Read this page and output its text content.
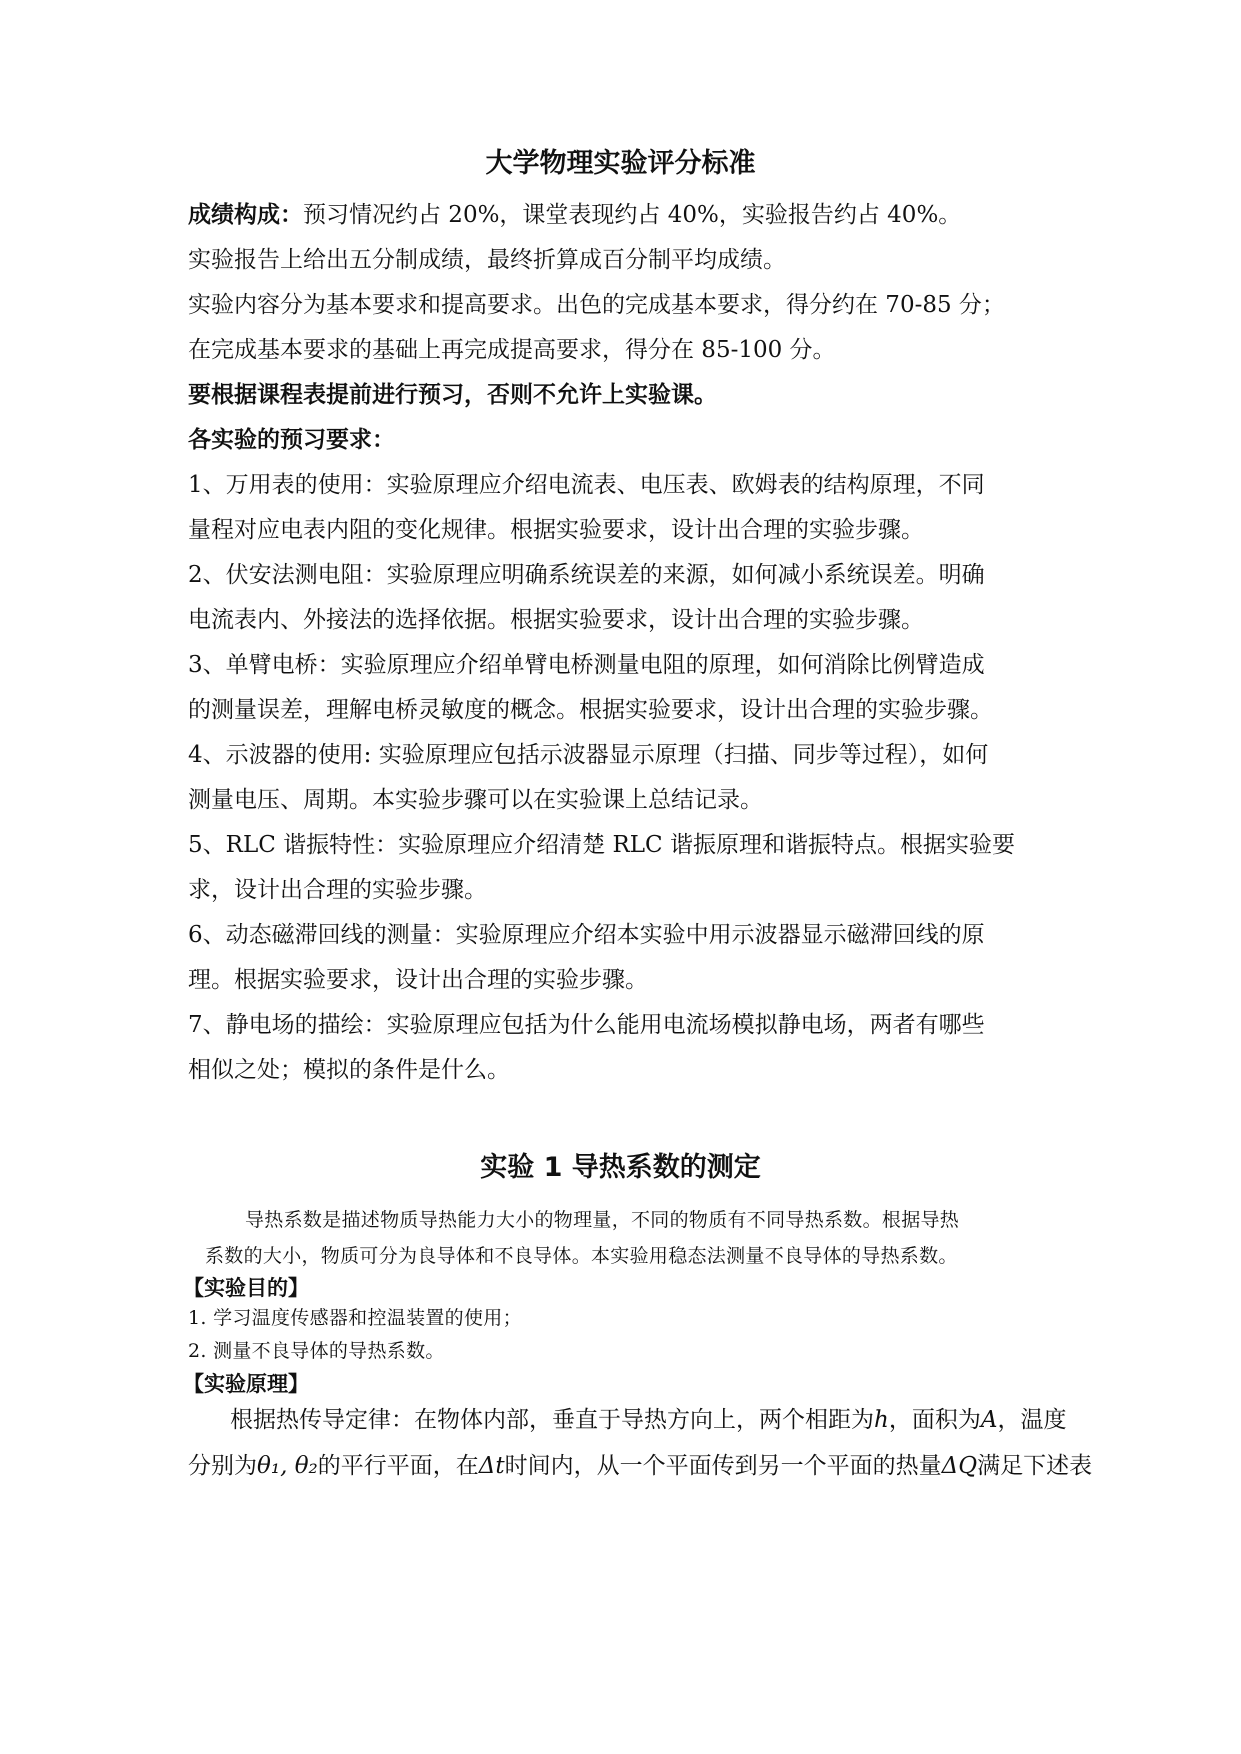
大学物理实验评分标准
成绩构成：预习情况约占 20%，课堂表现约占 40%，实验报告约占 40%。
实验报告上给出五分制成绩，最终折算成百分制平均成绩。
实验内容分为基本要求和提高要求。出色的完成基本要求，得分约在 70-85 分；
在完成基本要求的基础上再完成提高要求，得分在 85-100 分。
要根据课程表提前进行预习，否则不允许上实验课。
各实验的预习要求：
1、万用表的使用：实验原理应介绍电流表、电压表、欧姆表的结构原理，不同
量程对应电表内阻的变化规律。根据实验要求，设计出合理的实验步骤。
2、伏安法测电阻：实验原理应明确系统误差的来源，如何减小系统误差。明确
电流表内、外接法的选择依据。根据实验要求，设计出合理的实验步骤。
3、单臂电桥：实验原理应介绍单臂电桥测量电阻的原理，如何消除比例臂造成
的测量误差，理解电桥灵敏度的概念。根据实验要求，设计出合理的实验步骤。
4、示波器的使用: 实验原理应包括示波器显示原理（扫描、同步等过程），如何
测量电压、周期。本实验步骤可以在实验课上总结记录。
5、RLC 谐振特性：实验原理应介绍清楚 RLC 谐振原理和谐振特点。根据实验要
求，设计出合理的实验步骤。
6、动态磁滞回线的测量：实验原理应介绍本实验中用示波器显示磁滞回线的原
理。根据实验要求，设计出合理的实验步骤。
7、静电场的描绘：实验原理应包括为什么能用电流场模拟静电场，两者有哪些
相似之处；模拟的条件是什么。
实验 1 导热系数的测定
导热系数是描述物质导热能力大小的物理量，不同的物质有不同导热系数。根据导热
系数的大小，物质可分为良导体和不良导体。本实验用稳态法测量不良导体的导热系数。
【实验目的】
1. 学习温度传感器和控温装置的使用；
2. 测量不良导体的导热系数。
【实验原理】
根据热传导定律：在物体内部，垂直于导热方向上，两个相距为h，面积为A，温度
分别为θ₁, θ₂的平行平面，在Δt时间内，从一个平面传到另一个平面的热量ΔQ满足下述表
